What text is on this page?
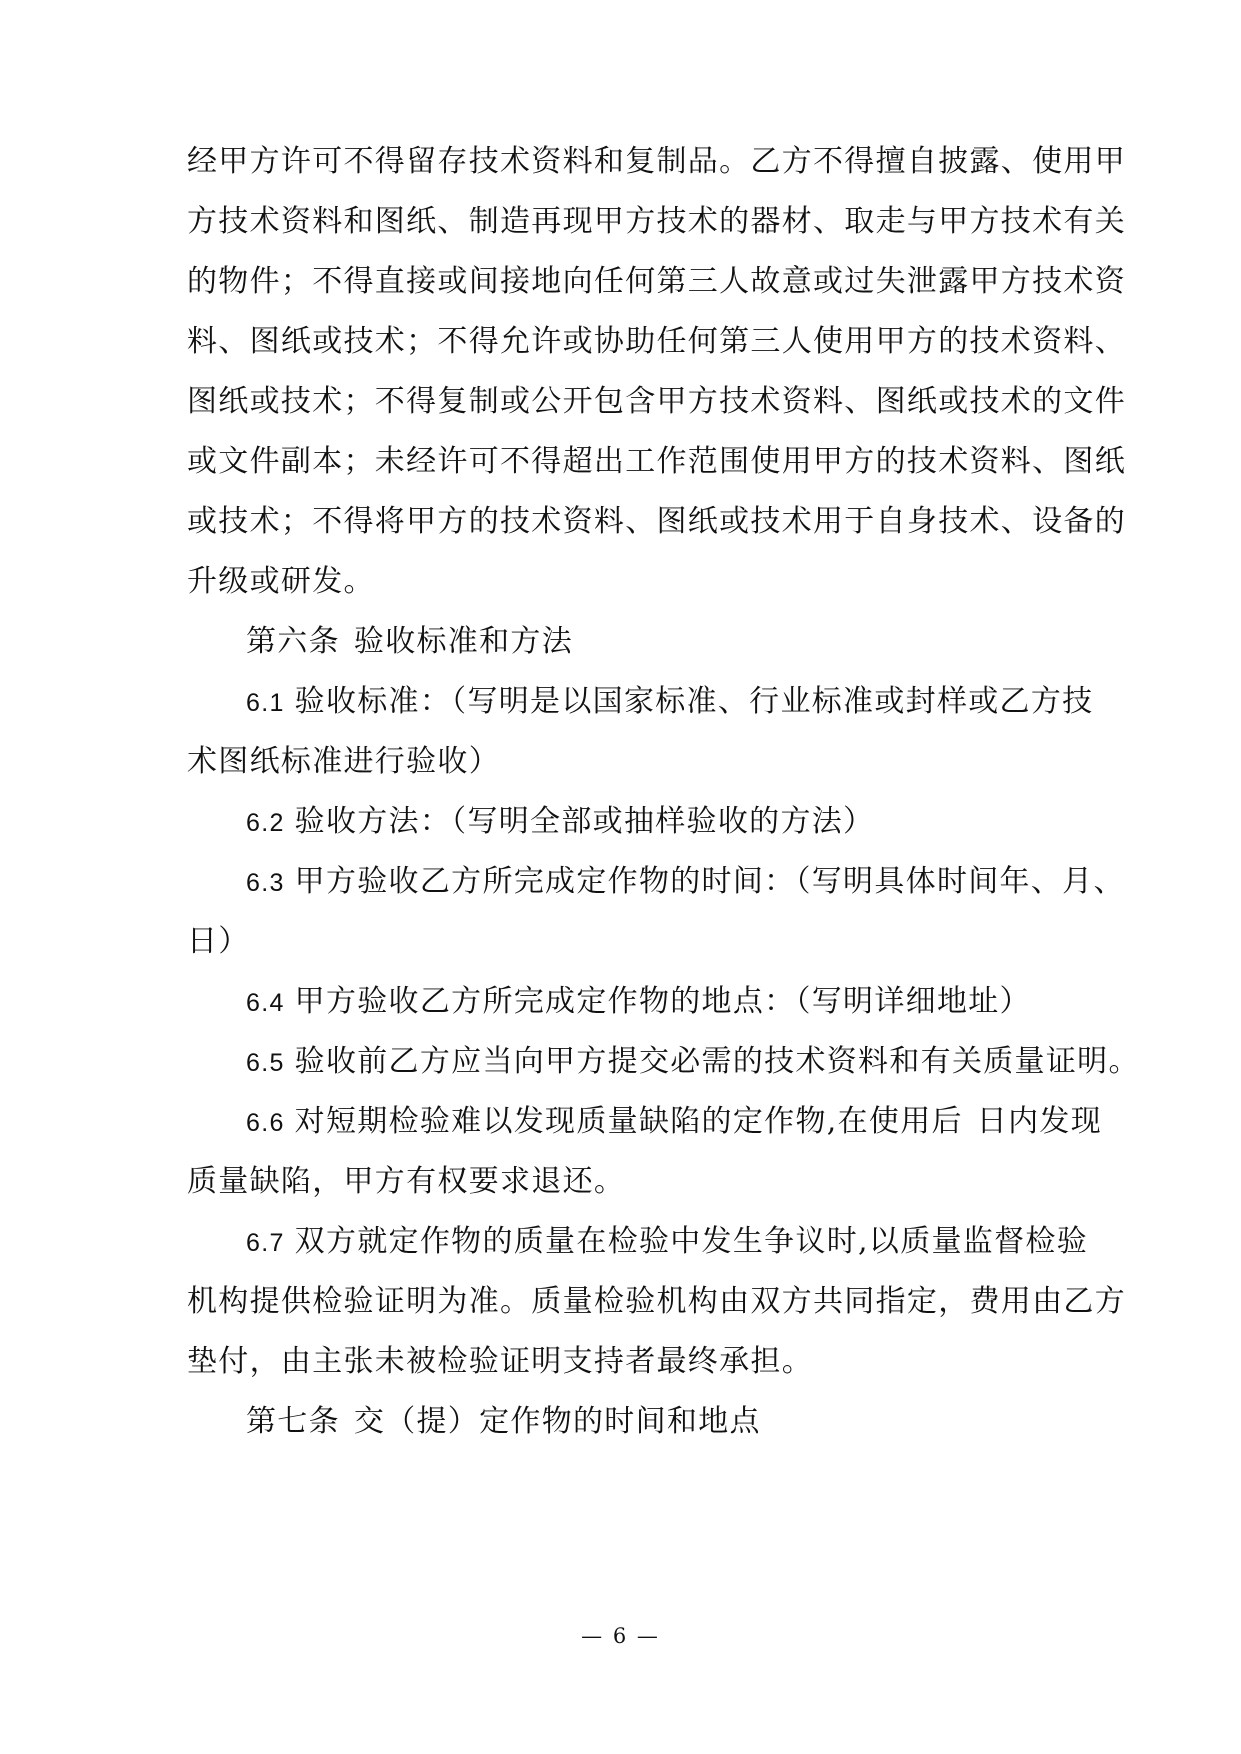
经甲方许可不得留存技术资料和复制品。乙方不得擅自披露、使用甲
方技术资料和图纸、制造再现甲方技术的器材、取走与甲方技术有关
的物件；不得直接或间接地向任何第三人故意或过失泄露甲方技术资
料、图纸或技术；不得允许或协助任何第三人使用甲方的技术资料、
图纸或技术；不得复制或公开包含甲方技术资料、图纸或技术的文件
或文件副本；未经许可不得超出工作范围使用甲方的技术资料、图纸
或技术；不得将甲方的技术资料、图纸或技术用于自身技术、设备的
升级或研发。
第六条 验收标准和方法
6.1 验收标准：（写明是以国家标准、行业标准或封样或乙方技
术图纸标准进行验收）
6.2 验收方法：（写明全部或抽样验收的方法）
6.3 甲方验收乙方所完成定作物的时间：（写明具体时间年、月、
日）
6.4 甲方验收乙方所完成定作物的地点：（写明详细地址）
6.5 验收前乙方应当向甲方提交必需的技术资料和有关质量证明。
6.6 对短期检验难以发现质量缺陷的定作物,在使用后 日内发现
质量缺陷，甲方有权要求退还。
6.7 双方就定作物的质量在检验中发生争议时,以质量监督检验
机构提供检验证明为准。质量检验机构由双方共同指定，费用由乙方
垫付，由主张未被检验证明支持者最终承担。
第七条 交（提）定作物的时间和地点
— 6 —
